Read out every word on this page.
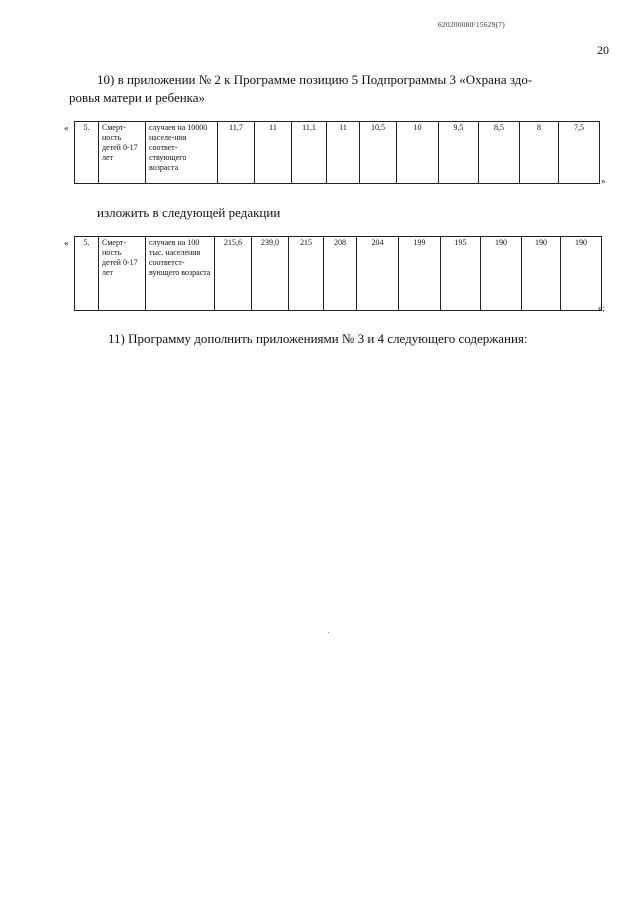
620200080/15629(7)
20
10) в приложении № 2 к Программе позицию 5 Подпрограммы 3 «Охрана здо-
ровья матери и ребенка»
« 5.	Смерт-ность детей 0-17 лет	случаев на 10000 населе-ния соответ-ствующего возраста	11,7	11	11,1	11	10,5	10	9,5	8,5	8	7,5
»
изложить в следующей редакции
« 5.	Смерт-ность детей 0-17 лет	случаев на 100 тыс. населения соответст-вующего возраста	215,6	239,0	215	208	204	199	195	190	190	190
»;
11) Программу дополнить приложениями № 3 и 4 следующего содержания:
